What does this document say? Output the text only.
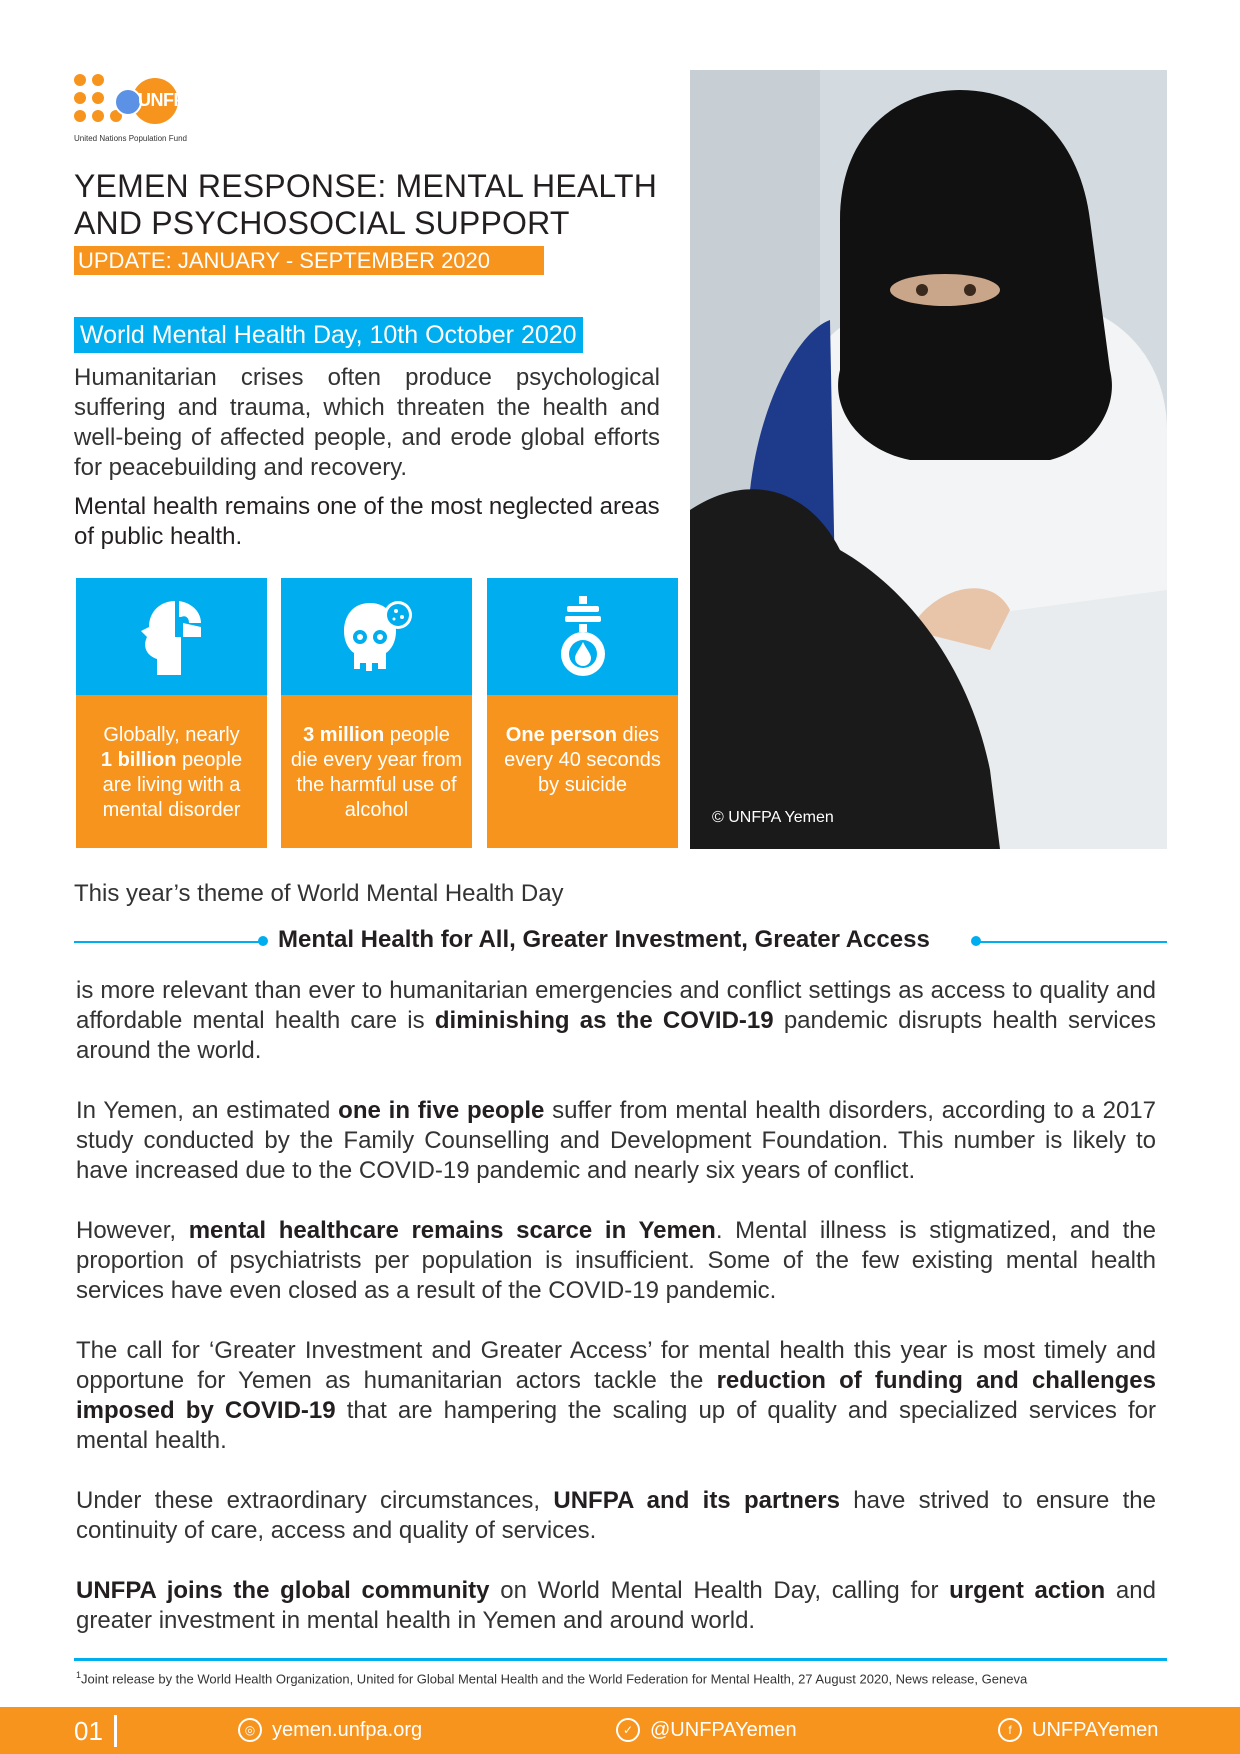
UNFPA
United Nations Population Fund
YEMEN RESPONSE: MENTAL HEALTH
AND PSYCHOSOCIAL SUPPORT
UPDATE: JANUARY - SEPTEMBER 2020
World Mental Health Day, 10th October 2020
Humanitarian crises often produce psychological suffering and trauma, which threaten the health and well-being of affected people, and erode global efforts for peacebuilding and recovery.
Mental health remains one of the most neglected areas of public health.
Globally, nearly
1 billion people are living with a mental disorder
3 million people die every year from the harmful use of alcohol
One person dies every 40 seconds by suicide
© UNFPA Yemen
This year’s theme of World Mental Health Day
Mental Health for All, Greater Investment, Greater Access
is more relevant than ever to humanitarian emergencies and conflict settings as access to quality and affordable mental health care is diminishing as the COVID-19 pandemic disrupts health services around the world.
In Yemen, an estimated one in five people suffer from mental health disorders, according to a 2017 study conducted by the Family Counselling and Development Foundation. This number is likely to have increased due to the COVID-19 pandemic and nearly six years of conflict.
However, mental healthcare remains scarce in Yemen. Mental illness is stigmatized, and the proportion of psychiatrists per population is insufficient. Some of the few existing mental health services have even closed as a result of the COVID-19 pandemic.
The call for ‘Greater Investment and Greater Access’ for mental health this year is most timely and opportune for Yemen as humanitarian actors tackle the reduction of funding and challenges imposed by COVID-19 that are hampering the scaling up of quality and specialized services for mental health.
Under these extraordinary circumstances, UNFPA and its partners have strived to ensure the continuity of care, access and quality of services.
UNFPA joins the global community on World Mental Health Day, calling for urgent action and greater investment in mental health in Yemen and around world.
$^1$Joint release by the World Health Organization, United for Global Mental Health and the World Federation for Mental Health, 27 August 2020, News release, Geneva
01	◎ yemen.unfpa.org	✓ @UNFPAYemen	f	UNFPAYemen
